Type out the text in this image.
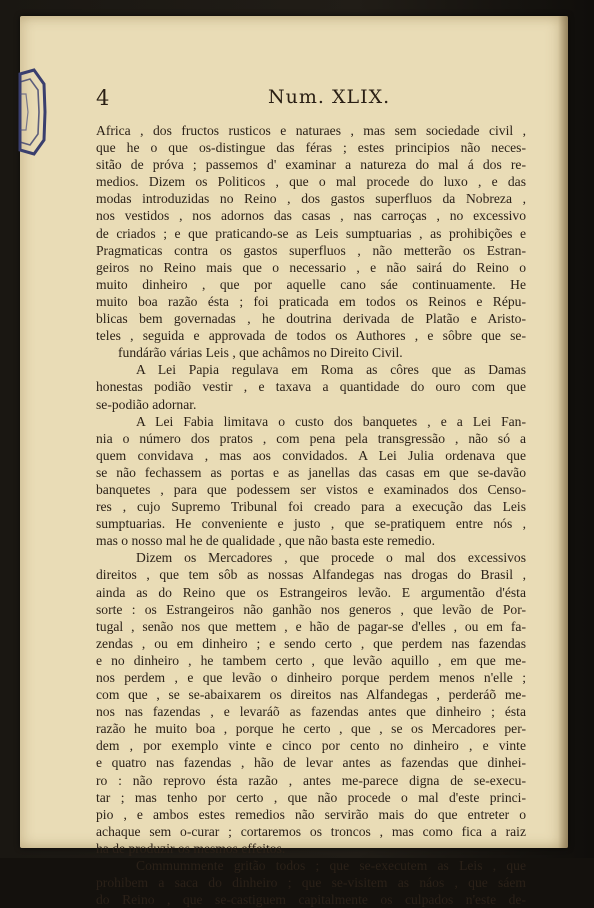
4	Num. XLIX.
Africa , dos fructos rusticos e naturaes , mas sem sociedade civil ,
que he o que os-distingue das féras ; estes principios não neces-
sitão de próva ; passemos d' examinar a natureza do mal á dos re-
medios. Dizem os Politicos , que o mal procede do luxo , e das
modas introduzidas no Reino , dos gastos superfluos da Nobreza ,
nos vestidos , nos adornos das casas , nas carroças , no excessivo
de criados ; e que praticando-se as Leis sumptuarias , as prohibições e
Pragmaticas contra os gastos superfluos , não metterão os Estran-
geiros no Reino mais que o necessario , e não sairá do Reino o
muito dinheiro , que por aquelle cano sáe continuamente. He
muito boa razão ésta ; foi praticada em todos os Reinos e Répu-
blicas bem governadas , he doutrina derivada de Platão e Aristo-
teles , seguida e approvada de todos os Authores , e sôbre que se-
fundárão várias Leis , que achâmos no Direito Civil.
A Lei Papia regulava em Roma as côres que as Damas
honestas podião vestir , e taxava a quantidade do ouro com que
se-podião adornar.
A Lei Fabia limitava o custo dos banquetes , e a Lei Fan-
nia o número dos pratos , com pena pela transgressão , não só a
quem convidava , mas aos convidados. A Lei Julia ordenava que
se não fechassem as portas e as janellas das casas em que se-davão
banquetes , para que podessem ser vistos e examinados dos Censo-
res , cujo Supremo Tribunal foi creado para a execução das Leis
sumptuarias. He conveniente e justo , que se-pratiquem entre nós ,
mas o nosso mal he de qualidade , que não basta este remedio.
Dizem os Mercadores , que procede o mal dos excessivos
direitos , que tem sôb as nossas Alfandegas nas drogas do Brasil ,
ainda as do Reino que os Estrangeiros levão. E argumentão d'ésta
sorte : os Estrangeiros não ganhão nos generos , que levão de Por-
tugal , senão nos que mettem , e hão de pagar-se d'elles , ou em fa-
zendas , ou em dinheiro ; e sendo certo , que perdem nas fazendas
e no dinheiro , he tambem certo , que levão aquillo , em que me-
nos perdem , e que levão o dinheiro porque perdem menos n'elle ;
com que , se se-abaixarem os direitos nas Alfandegas , perderáõ me-
nos nas fazendas , e levaráõ as fazendas antes que dinheiro ; ésta
razão he muito boa , porque he certo , que , se os Mercadores per-
dem , por exemplo vinte e cinco por cento no dinheiro , e vinte
e quatro nas fazendas , hão de levar antes as fazendas que dinhei-
ro : não reprovo ésta razão , antes me-parece digna de se-execu-
tar ; mas tenho por certo , que não procede o mal d'este princi-
pio , e ambos estes remedios não servirão mais do que entreter o
achaque sem o-curar ; cortaremos os troncos , mas como fica a raiz
ha de produzir os mesmos effeitos.
Commummente gritão todos ; que se-executem as Leis , que
prohibem a saca do dinheiro ; que se-visitem as náos , que sáem
do Reino , que se-castiguem capitalmente os culpados n'este de-
